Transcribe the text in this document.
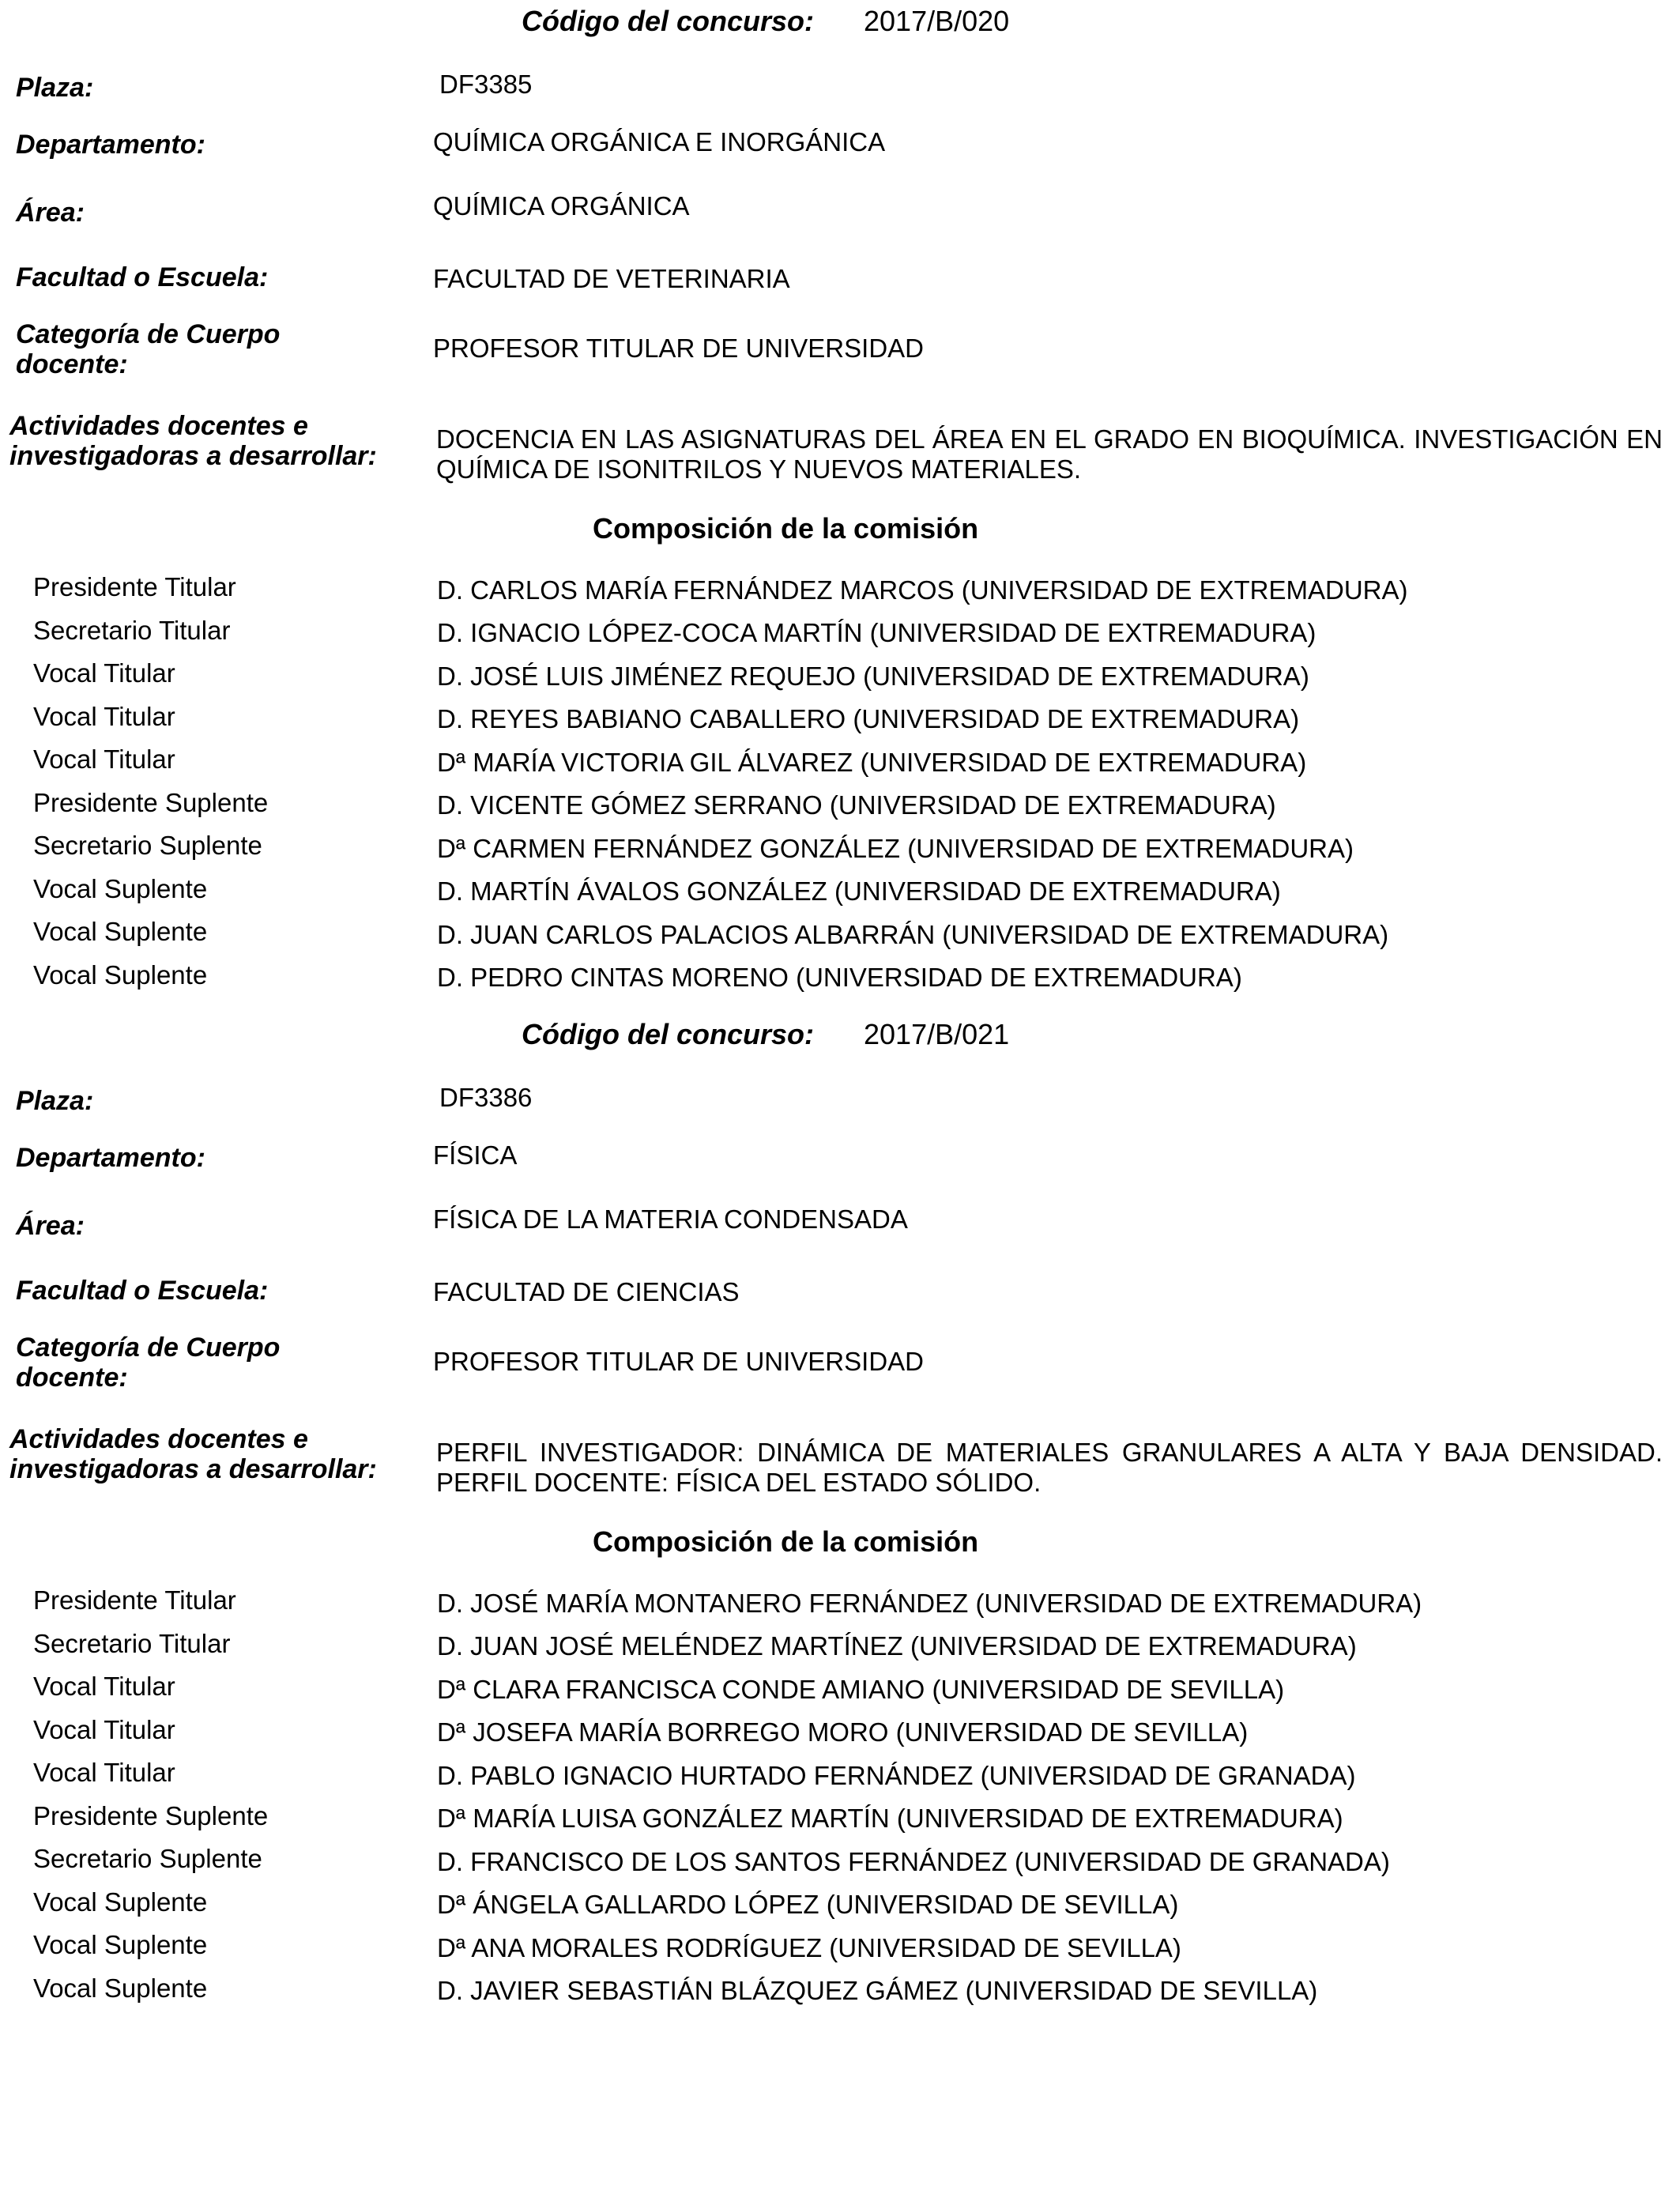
Código del concurso: 2017/B/020
Plaza:	DF3385
Departamento:	QUÍMICA ORGÁNICA E INORGÁNICA
Área:	QUÍMICA ORGÁNICA
Facultad o Escuela:	FACULTAD DE VETERINARIA
Categoría de Cuerpo
docente:
PROFESOR TITULAR DE UNIVERSIDAD
Actividades docentes e
investigadoras a desarrollar:
DOCENCIA EN LAS ASIGNATURAS DEL ÁREA EN EL GRADO EN BIOQUÍMICA. INVESTIGACIÓN EN QUÍMICA DE ISONITRILOS Y NUEVOS MATERIALES.
Composición de la comisión
Presidente Titular	D. CARLOS MARÍA FERNÁNDEZ MARCOS (UNIVERSIDAD DE EXTREMADURA)
Secretario Titular	D. IGNACIO LÓPEZ-COCA MARTÍN (UNIVERSIDAD DE EXTREMADURA)
Vocal Titular	D. JOSÉ LUIS JIMÉNEZ REQUEJO (UNIVERSIDAD DE EXTREMADURA)
Vocal Titular	D. REYES BABIANO CABALLERO (UNIVERSIDAD DE EXTREMADURA)
Vocal Titular	Dª MARÍA VICTORIA GIL ÁLVAREZ (UNIVERSIDAD DE EXTREMADURA)
Presidente Suplente	D. VICENTE GÓMEZ SERRANO (UNIVERSIDAD DE EXTREMADURA)
Secretario Suplente	Dª CARMEN FERNÁNDEZ GONZÁLEZ (UNIVERSIDAD DE EXTREMADURA)
Vocal Suplente	D. MARTÍN ÁVALOS GONZÁLEZ (UNIVERSIDAD DE EXTREMADURA)
Vocal Suplente	D. JUAN CARLOS PALACIOS ALBARRÁN (UNIVERSIDAD DE EXTREMADURA)
Vocal Suplente	D. PEDRO CINTAS MORENO (UNIVERSIDAD DE EXTREMADURA)
Código del concurso: 2017/B/021
Plaza:	DF3386
Departamento:	FÍSICA
Área:	FÍSICA DE LA MATERIA CONDENSADA
Facultad o Escuela:	FACULTAD DE CIENCIAS
Categoría de Cuerpo
docente:
PROFESOR TITULAR DE UNIVERSIDAD
Actividades docentes e
investigadoras a desarrollar:
PERFIL INVESTIGADOR: DINÁMICA DE MATERIALES GRANULARES A ALTA Y BAJA DENSIDAD. PERFIL DOCENTE: FÍSICA DEL ESTADO SÓLIDO.
Composición de la comisión
Presidente Titular	D. JOSÉ MARÍA MONTANERO FERNÁNDEZ (UNIVERSIDAD DE EXTREMADURA)
Secretario Titular	D. JUAN JOSÉ MELÉNDEZ MARTÍNEZ (UNIVERSIDAD DE EXTREMADURA)
Vocal Titular	Dª CLARA FRANCISCA CONDE AMIANO (UNIVERSIDAD DE SEVILLA)
Vocal Titular	Dª JOSEFA MARÍA BORREGO MORO (UNIVERSIDAD DE SEVILLA)
Vocal Titular	D. PABLO IGNACIO HURTADO FERNÁNDEZ (UNIVERSIDAD DE GRANADA)
Presidente Suplente	Dª MARÍA LUISA GONZÁLEZ MARTÍN (UNIVERSIDAD DE EXTREMADURA)
Secretario Suplente	D. FRANCISCO DE LOS SANTOS FERNÁNDEZ (UNIVERSIDAD DE GRANADA)
Vocal Suplente	Dª ÁNGELA GALLARDO LÓPEZ (UNIVERSIDAD DE SEVILLA)
Vocal Suplente	Dª ANA MORALES RODRÍGUEZ (UNIVERSIDAD DE SEVILLA)
Vocal Suplente	D. JAVIER SEBASTIÁN BLÁZQUEZ GÁMEZ (UNIVERSIDAD DE SEVILLA)
